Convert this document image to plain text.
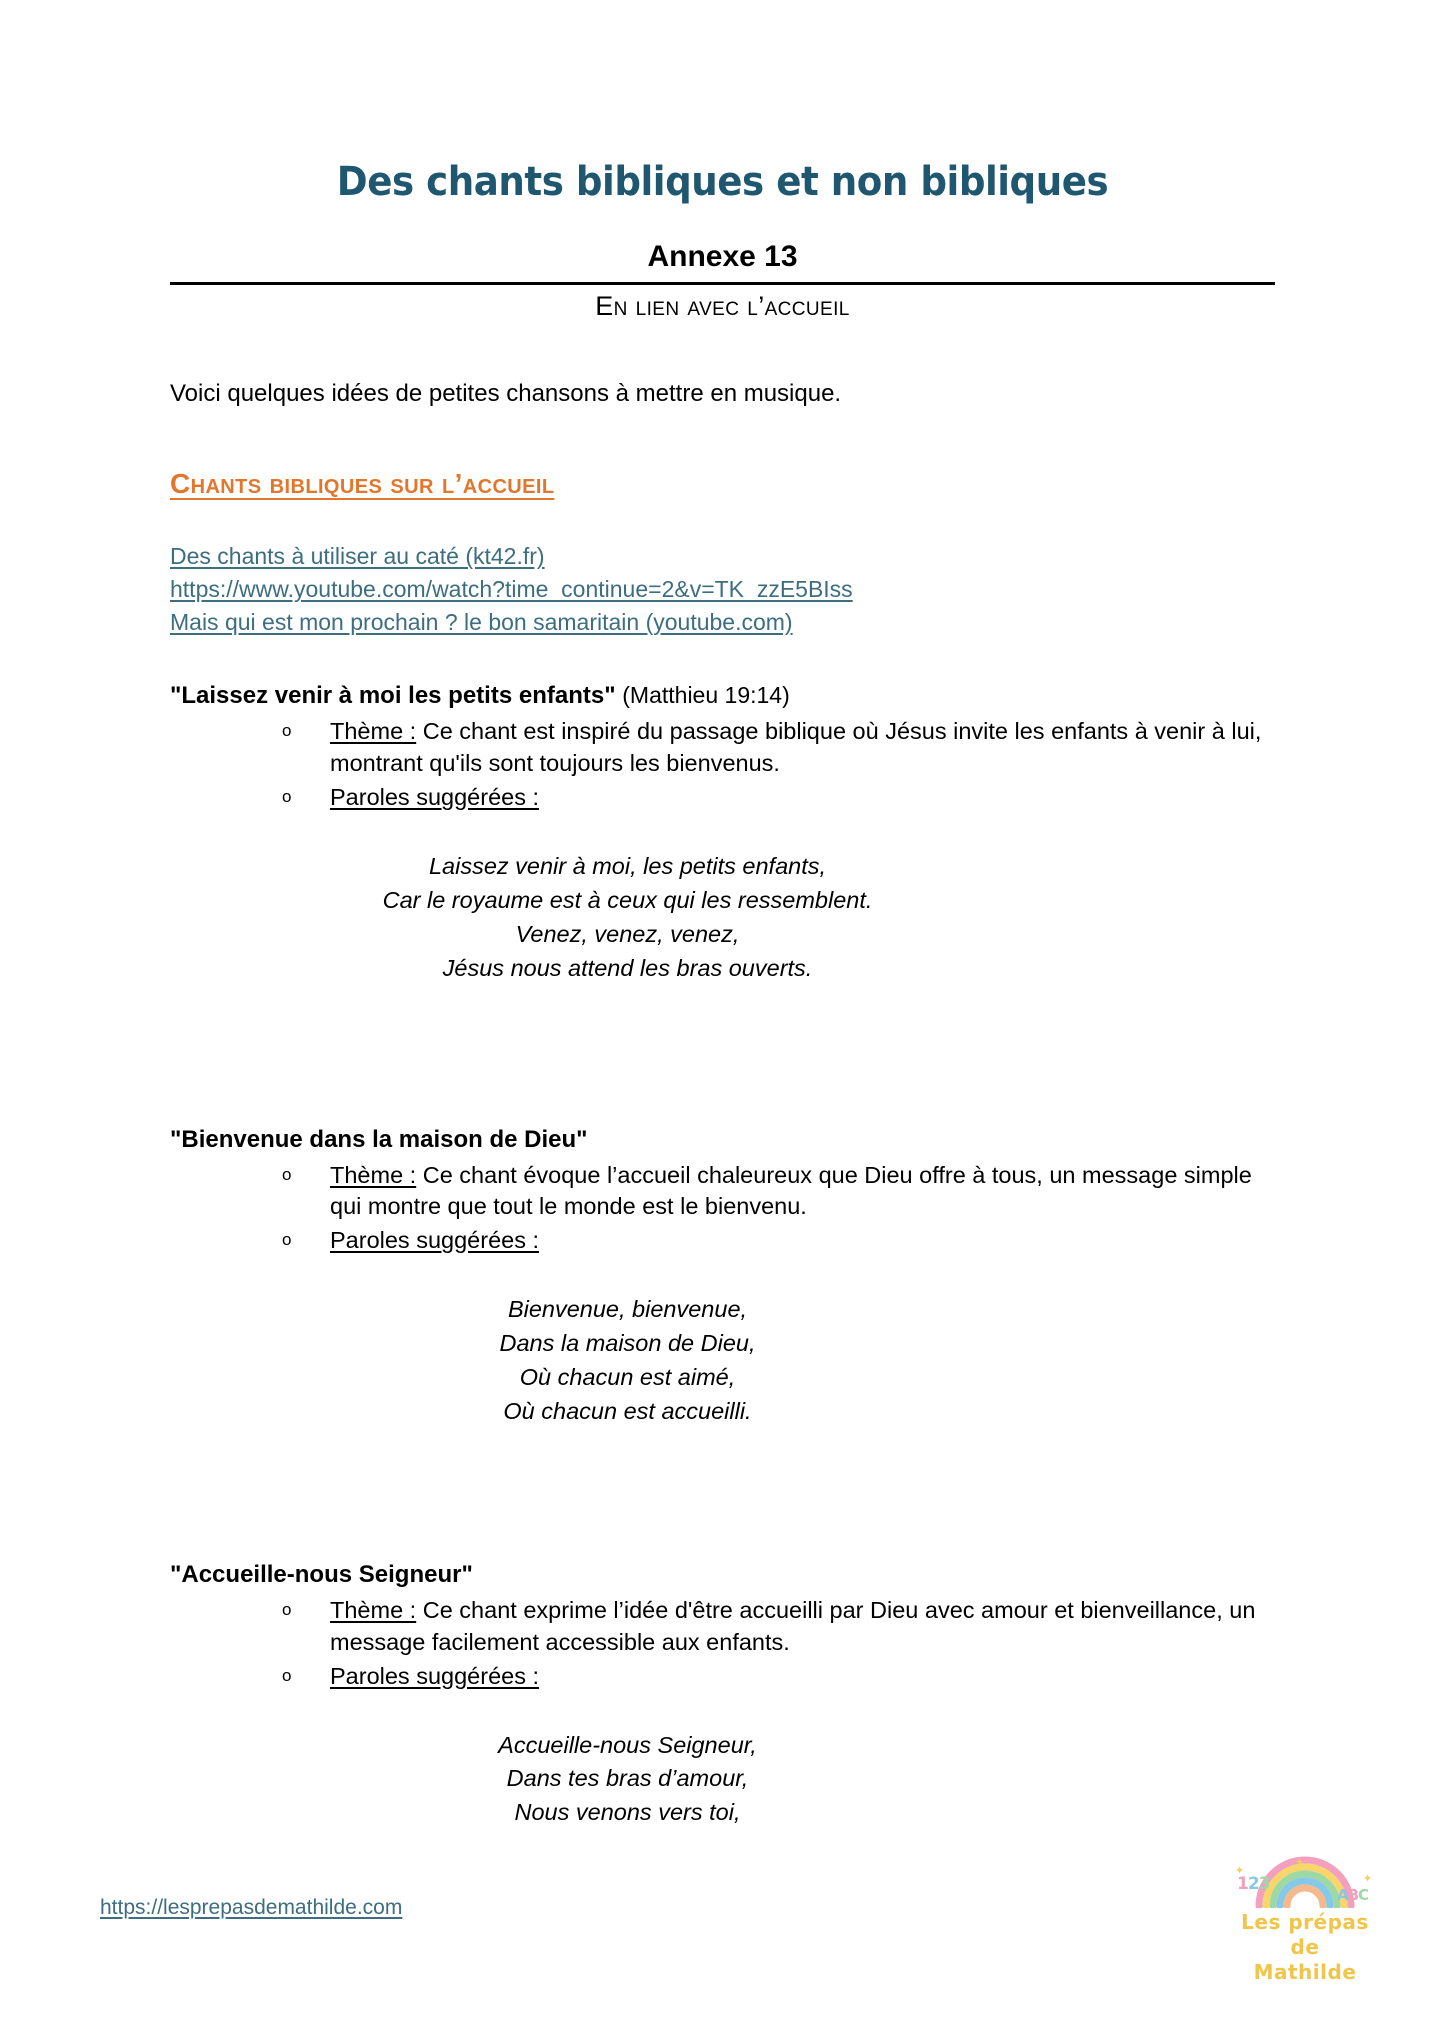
Des chants bibliques et non bibliques
Annexe 13
En lien avec l’accueil

Voici quelques idées de petites chansons à mettre en musique.

Chants bibliques sur l’accueil
Des chants à utiliser au caté (kt42.fr)
https://www.youtube.com/watch?time_continue=2&v=TK_zzE5BIss
Mais qui est mon prochain ? le bon samaritain (youtube.com)
"Laissez venir à moi les petits enfants" (Matthieu 19:14)
o Thème : Ce chant est inspiré du passage biblique où Jésus invite les enfants à venir à lui, montrant qu'ils sont toujours les bienvenus.
o Paroles suggérées :
Laissez venir à moi, les petits enfants,
Car le royaume est à ceux qui les ressemblent.
Venez, venez, venez,
Jésus nous attend les bras ouverts.
"Bienvenue dans la maison de Dieu"
o Thème : Ce chant évoque l’accueil chaleureux que Dieu offre à tous, un message simple qui montre que tout le monde est le bienvenu.
o Paroles suggérées :
Bienvenue, bienvenue,
Dans la maison de Dieu,
Où chacun est aimé,
Où chacun est accueilli.
"Accueille-nous Seigneur"
o Thème : Ce chant exprime l’idée d'être accueilli par Dieu avec amour et bienveillance, un message facilement accessible aux enfants.
o Paroles suggérées :
Accueille-nous Seigneur,
Dans tes bras d’amour,
Nous venons vers toi,
https://lesprepasdemathilde.com
✦
✦
✦
123
ABC
Les prépas de
Mathilde
